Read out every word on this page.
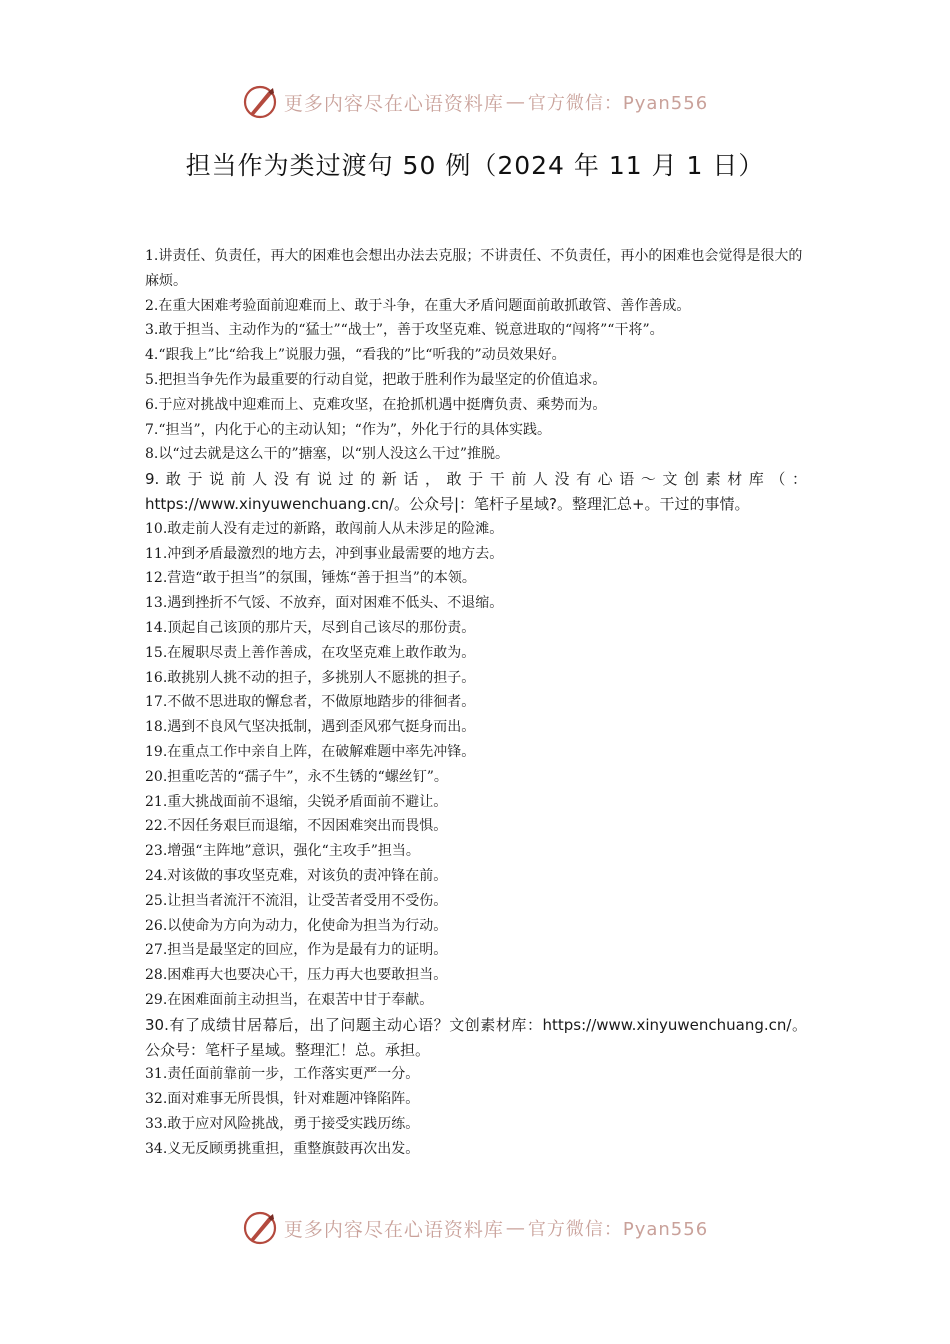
更多内容尽在心语资料库 — 官方微信：Pyan556
担当作为类过渡句 50 例（2024 年 11 月 1 日）

1.讲责任、负责任，再大的困难也会想出办法去克服；不讲责任、不负责任，再小的困难也会觉得是很大的麻烦。

2.在重大困难考验面前迎难而上、敢于斗争，在重大矛盾问题面前敢抓敢管、善作善成。

3.敢于担当、主动作为的“猛士”“战士”，善于攻坚克难、锐意进取的“闯将”“干将”。

4.“跟我上”比“给我上”说服力强，“看我的”比“听我的”动员效果好。

5.把担当争先作为最重要的行动自觉，把敢于胜利作为最坚定的价值追求。

6.于应对挑战中迎难而上、克难攻坚，在抢抓机遇中挺膺负责、乘势而为。

7.“担当”，内化于心的主动认知；“作为”，外化于行的具体实践。

8.以“过去就是这么干的”搪塞，以“别人没这么干过”推脱。

9.敢于说前人没有说过的新话，敢于干前人没有心语～文创素材库（：https://www.xinyuwenchuang.cn/。公众号|：笔杆子星域?。整理汇总+。干过的事情。

10.敢走前人没有走过的新路，敢闯前人从未涉足的险滩。

11.冲到矛盾最激烈的地方去，冲到事业最需要的地方去。

12.营造“敢于担当”的氛围，锤炼“善于担当”的本领。

13.遇到挫折不气馁、不放弃，面对困难不低头、不退缩。

14.顶起自己该顶的那片天，尽到自己该尽的那份责。

15.在履职尽责上善作善成，在攻坚克难上敢作敢为。

16.敢挑别人挑不动的担子，多挑别人不愿挑的担子。

17.不做不思进取的懈怠者，不做原地踏步的徘徊者。

18.遇到不良风气坚决抵制，遇到歪风邪气挺身而出。

19.在重点工作中亲自上阵，在破解难题中率先冲锋。

20.担重吃苦的“孺子牛”，永不生锈的“螺丝钉”。

21.重大挑战面前不退缩，尖锐矛盾面前不避让。

22.不因任务艰巨而退缩，不因困难突出而畏惧。

23.增强“主阵地”意识，强化“主攻手”担当。

24.对该做的事攻坚克难，对该负的责冲锋在前。

25.让担当者流汗不流泪，让受苦者受用不受伤。

26.以使命为方向为动力，化使命为担当为行动。

27.担当是最坚定的回应，作为是最有力的证明。

28.困难再大也要决心干，压力再大也要敢担当。

29.在困难面前主动担当，在艰苦中甘于奉献。

30.有了成绩甘居幕后，出了问题主动心语？文创素材库：https://www.xinyuwenchuang.cn/。公众号：笔杆子星域。整理汇！总。承担。

31.责任面前靠前一步，工作落实更严一分。

32.面对难事无所畏惧，针对难题冲锋陷阵。

33.敢于应对风险挑战，勇于接受实践历练。

34.义无反顾勇挑重担，重整旗鼓再次出发。

更多内容尽在心语资料库 — 官方微信：Pyan556
